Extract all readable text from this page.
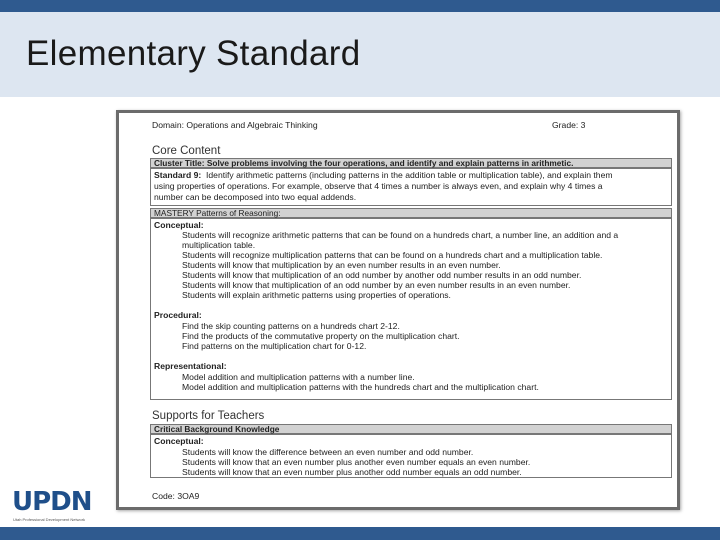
Elementary Standard
Domain: Operations and Algebraic Thinking	Grade: 3
Core Content
Cluster Title: Solve problems involving the four operations, and identify and explain patterns in arithmetic.
Standard 9: Identify arithmetic patterns (including patterns in the addition table or multiplication table), and explain them
using properties of operations. For example, observe that 4 times a number is always even, and explain why 4 times a
number can be decomposed into two equal addends.
MASTERY Patterns of Reasoning:
Conceptual:
Students will recognize arithmetic patterns that can be found on a hundreds chart, a number line, an addition and a
multiplication table.
Students will recognize multiplication patterns that can be found on a hundreds chart and a multiplication table.
Students will know that multiplication by an even number results in an even number.
Students will know that multiplication of an odd number by another odd number results in an odd number.
Students will know that multiplication of an odd number by an even number results in an even number.
Students will explain arithmetic patterns using properties of operations.
Procedural:
Find the skip counting patterns on a hundreds chart 2-12.
Find the products of the commutative property on the multiplication chart.
Find patterns on the multiplication chart for 0-12.
Representational:
Model addition and multiplication patterns with a number line.
Model addition and multiplication patterns with the hundreds chart and the multiplication chart.
Supports for Teachers
Critical Background Knowledge
Conceptual:
Students will know the difference between an even number and odd number.
Students will know that an even number plus another even number equals an even number.
Students will know that an even number plus another odd number equals an odd number.
Code: 3OA9
UPDN
Utah Professional Development Network
